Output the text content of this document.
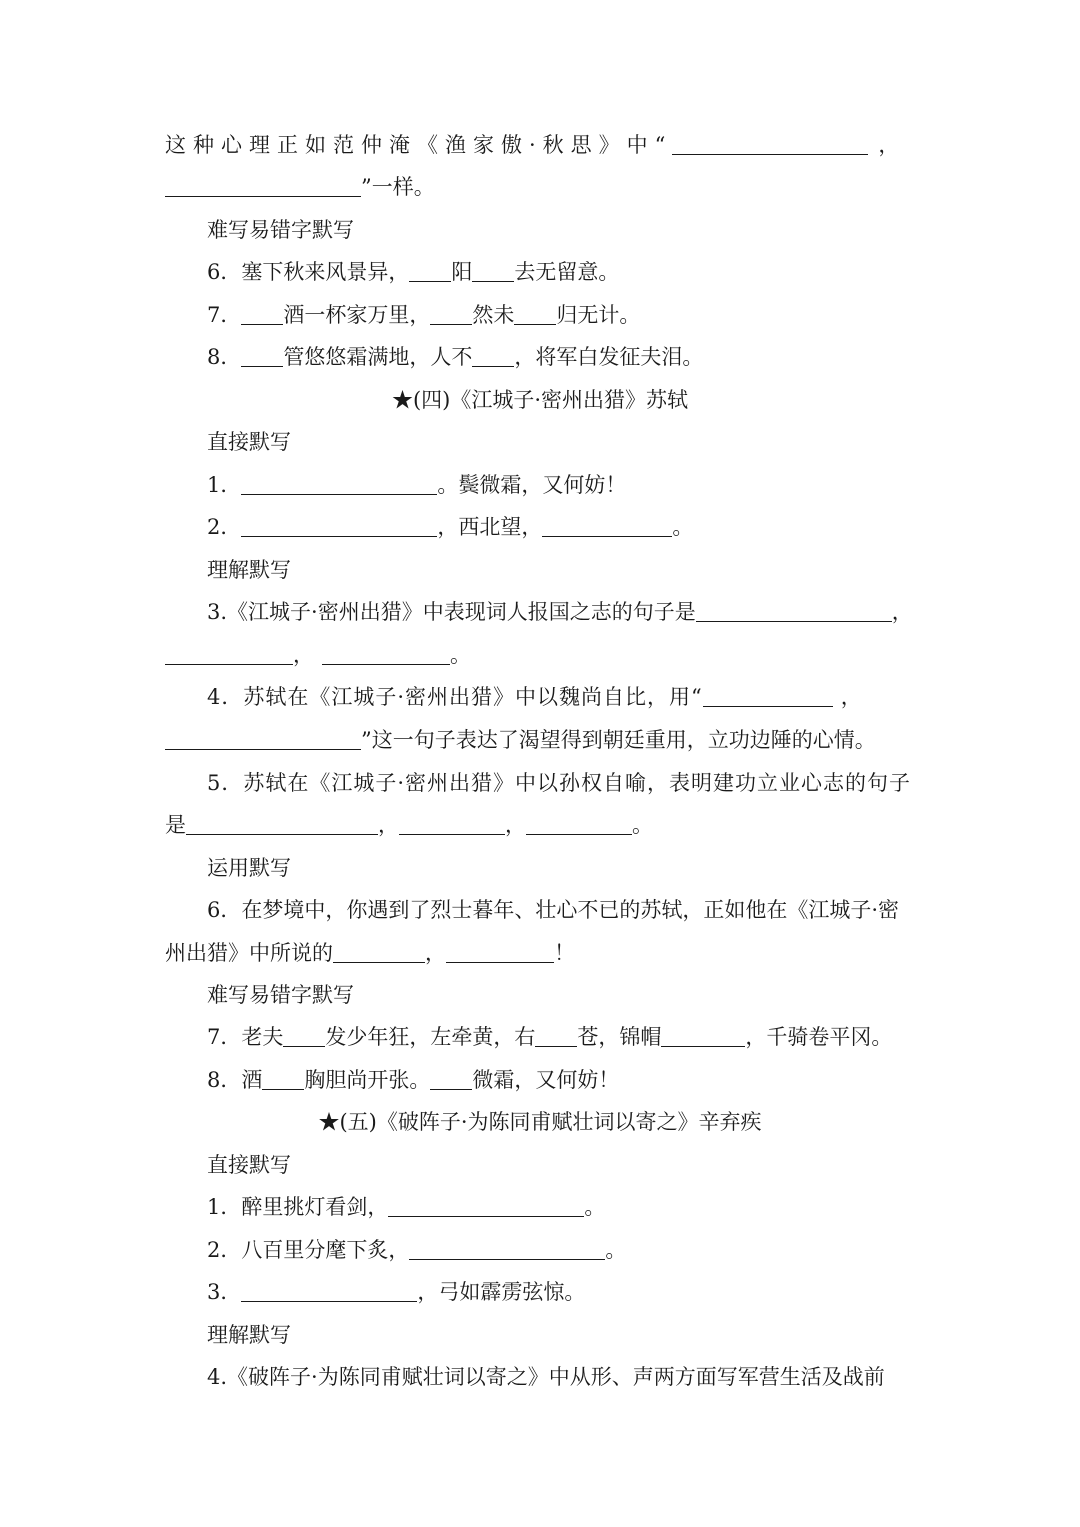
这种心理正如范仲淹《渔家傲·秋思》中“	，
”一样。
难写易错字默写
6．塞下秋来风景异， 阳 去无留意。
7． 酒一杯家万里， 然未 归无计。
8． 管悠悠霜满地，人不 ，将军白发征夫泪。
★(四)《江城子·密州出猎》苏轼
直接默写
1．	。鬓微霜，又何妨！
2．	，西北望，	。
理解默写
3.《江城子·密州出猎》中表现词人报国之志的句子是	，
，	。
4．苏轼在《江城子·密州出猎》中以魏尚自比，用“	，
”这一句子表达了渴望得到朝廷重用，立功边陲的心情。
5．苏轼在《江城子·密州出猎》中以孙权自喻，表明建功立业心志的句子
是	，	，	。
运用默写
6．在梦境中，你遇到了烈士暮年、壮心不已的苏轼，正如他在《江城子·密
州出猎》中所说的	，	！
难写易错字默写
7．老夫 发少年狂，左牵黄，右 苍，锦帽	，千骑卷平冈。
8．酒 胸胆尚开张。 微霜，又何妨！
★(五)《破阵子·为陈同甫赋壮词以寄之》辛弃疾
直接默写
1．醉里挑灯看剑，	。
2．八百里分麾下炙，	。
3．	，弓如霹雳弦惊。
理解默写
4.《破阵子·为陈同甫赋壮词以寄之》中从形、声两方面写军营生活及战前
